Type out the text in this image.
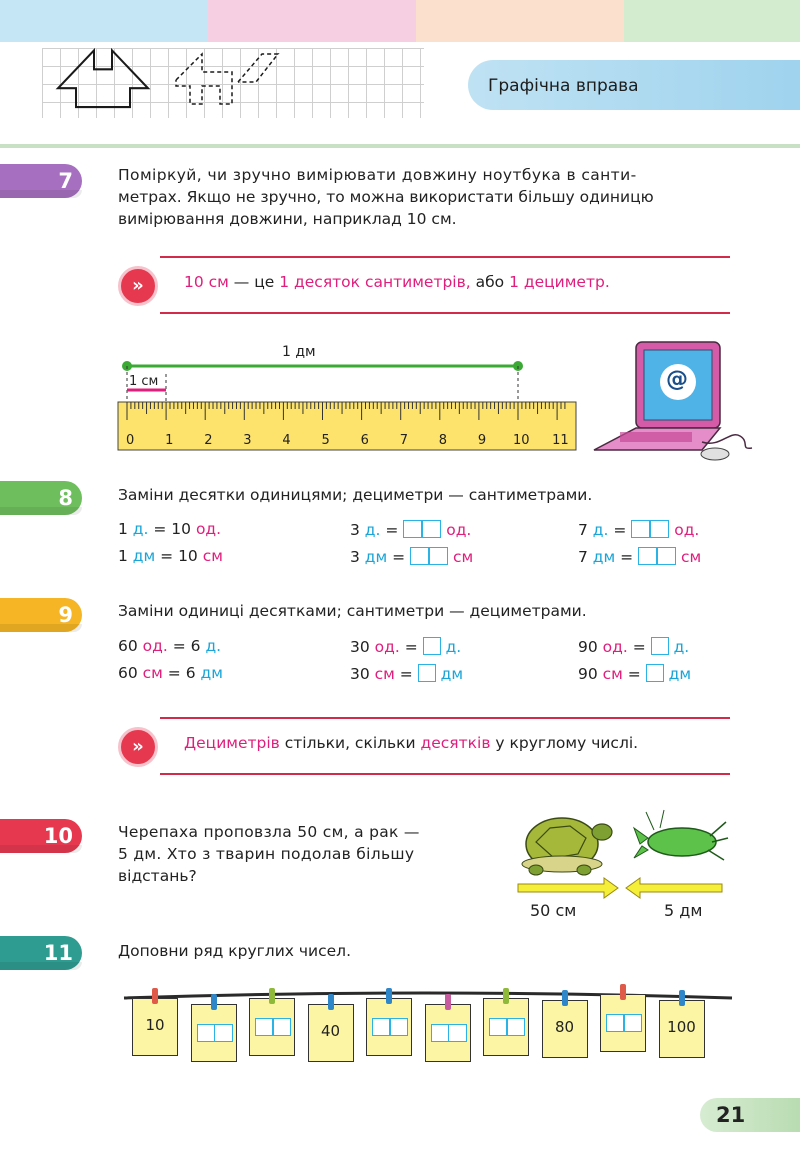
Графічна вправа
7	Поміркуй, чи зручно вимірювати довжину ноутбука в санти-
метрах. Якщо не зручно, то можна використати більшу одиницю
вимірювання довжини, наприклад 10 см.
»	10 см — це 1 десяток сантиметрів, або 1 дециметр.
0 1 2 3 4 5 6 7 8 9 10 11
1 дм
1 см	@
8	Заміни десятки одиницями; дециметри — сантиметрами.
1 д. = 10 од.	3 д. =	од.	7 д. =	од.
1 дм = 10 см	3 дм =	см	7 дм =	см
9	Заміни одиниці десятками; сантиметри — дециметрами.
60 од. = 6 д.	30 од. =  д.	90 од. =  д.
60 см = 6 дм	30 см =  дм	90 см =  дм
»	Дециметрів стільки, скільки десятків у круглому числі.
10	Черепаха проповзла 50 см, а рак —
5 дм. Хто з тварин подолав більшу
відстань?
50 см	5 дм
11	Доповни ряд круглих чисел.
10	40	80	100
21
